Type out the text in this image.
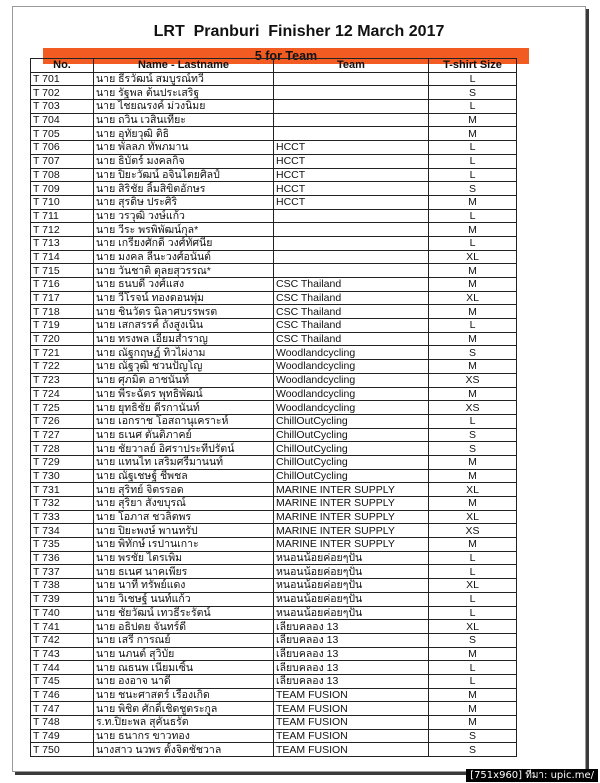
LRT  Pranburi  Finisher 12 March 2017
5 for Team
No.	Name - Lastname	Team	T-shirt Size
T 701	นาย ธีรวัฒน์ สมบูรณ์ทวี		L
T 702	นาย รัฐพล ต้นประเสริฐ		S
T 703	นาย ไชยณรงค์ ม่วงนิ่มย		L
T 704	นาย ถวิน เวสินเทียะ		M
T 705	นาย อุทัยวุฒิ ติธิ		M
T 706	นาย พัลลภ ทัพภมาน	HCCT	L
T 707	นาย ธิบัตร์ มงคลกิจ	HCCT	L
T 708	นาย ปิยะวัฒน์ อจินไตยศิลป์	HCCT	L
T 709	นาย สิริชัย ลิ้มสิขิตอักษร	HCCT	S
T 710	นาย สุรดิษ ประศิริ	HCCT	M
T 711	นาย วรวุฒิ วงษ์แก้ว		L
T 712	นาย วีระ พรพิพัฒน์กุล*		M
T 713	นาย เกรียงศักดิ์ วงศ์ทัศนีย		L
T 714	นาย มงคล ลีนะวงศ์อนันต์		XL
T 715	นาย วันชาติ ตุลยสุวรรณ*		M
T 716	นาย ธนบดี วงศ์แสง	CSC Thailand	M
T 717	นาย วีโรจน์ ทองดอนพุ่ม	CSC Thailand	XL
T 718	นาย ชินวัตร นิลาศบรรพรต	CSC Thailand	M
T 719	นาย เสกสรรค์ ถังสูงเนิน	CSC Thailand	L
T 720	นาย ทรงพล เอี่ยมสำราญ	CSC Thailand	M
T 721	นาย ณัฐกฤษฏ์ ทิวไผ่งาม	Woodlandcycling	S
T 722	นาย ณัฐวุฒิ ชวนปัญโญ	Woodlandcycling	M
T 723	นาย ศุภมิต อาชนันท์	Woodlandcycling	XS
T 724	นาย พีระฉัตร พุทธิพัฒน์	Woodlandcycling	M
T 725	นาย ยุทธิชัย ดีรกานันท์	Woodlandcycling	XS
T 726	นาย เอกราช โอสถานุเคราะห์	ChillOutCycling	L
T 727	นาย ธเนศ ตันติภาคย์	ChillOutCycling	S
T 728	นาย ชัยวาลย์ อิศราประทีปรัตน์	ChillOutCycling	S
T 729	นาย แทนไท เสริมศรีมานนท์	ChillOutCycling	M
T 730	นาย ณัฐเชษฐ์ ชีพชล	ChillOutCycling	M
T 731	นาย สุริทย์ จิตรรอด	MARINE INTER SUPPLY	XL
T 732	นาย สุริยา สังขบุรณ์	MARINE INTER SUPPLY	M
T 733	นาย โอภาส ชวลิตพร	MARINE INTER SUPPLY	XL
T 734	นาย ปิยะพงษ์ พานทรัป	MARINE INTER SUPPLY	XS
T 735	นาย พิทักษ์ เรปานเกาะ	MARINE INTER SUPPLY	M
T 736	นาย พรชัย ไตรเพิ่ม	หนอนน้อยค่อยๆปั่น	L
T 737	นาย ธเนศ นาคเพียร	หนอนน้อยค่อยๆปั่น	L
T 738	นาย นาที ทรัพย์แดง	หนอนน้อยค่อยๆปั่น	XL
T 739	นาย วิเชษฐ์ นนท์แก้ว	หนอนน้อยค่อยๆปั่น	L
T 740	นาย ชัยวัฒน์ เทวธีระรัตน์	หนอนน้อยค่อยๆปั่น	L
T 741	นาย อธิปตย จันทร์ดี	เลียบคลอง 13	XL
T 742	นาย เสรี การณย์	เลียบคลอง 13	S
T 743	นาย นภนต์ สุวิบัย	เลียบคลอง 13	M
T 744	นาย ณธนพ เนียมเซิ้น	เลียบคลอง 13	L
T 745	นาย องอาจ นาดี	เลียบคลอง 13	L
T 746	นาย ชนะศาสตร์ เรืองเกิด	TEAM FUSION	M
T 747	นาย พิชิต ศักดิ์เชิดชูตระกูล	TEAM FUSION	M
T 748	ร.ท.ปิยะพล สุคันธรัต	TEAM FUSION	M
T 749	นาย ธนากร ขาวทอง	TEAM FUSION	S
T 750	นางสาว นวพร ตั้งจิตชัชวาล	TEAM FUSION	S
[751x960] ที่มา: upic.me/
